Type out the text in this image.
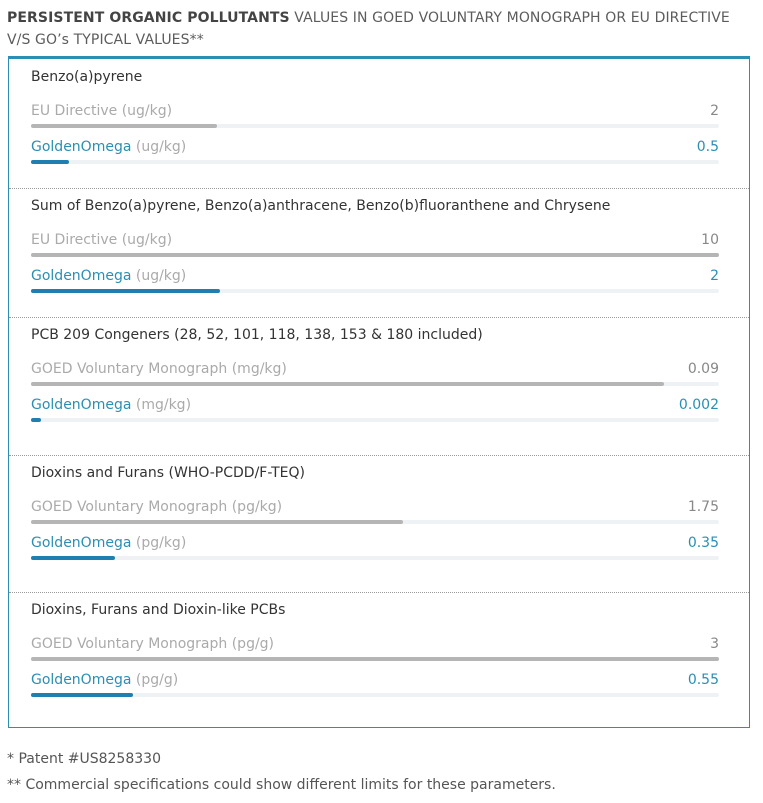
PERSISTENT ORGANIC POLLUTANTS VALUES IN GOED VOLUNTARY MONOGRAPH OR EU DIRECTIVE V/S GO’s TYPICAL VALUES**
Benzo(a)pyrene
EU Directive (ug/kg)	2
GoldenOmega (ug/kg)	0.5
Sum of Benzo(a)pyrene, Benzo(a)anthracene, Benzo(b)fluoranthene and Chrysene
EU Directive (ug/kg)	10
GoldenOmega (ug/kg)	2
PCB 209 Congeners (28, 52, 101, 118, 138, 153 & 180 included)
GOED Voluntary Monograph (mg/kg)	0.09
GoldenOmega (mg/kg)	0.002
Dioxins and Furans (WHO-PCDD/F-TEQ)
GOED Voluntary Monograph (pg/kg)	1.75
GoldenOmega (pg/kg)	0.35
Dioxins, Furans and Dioxin-like PCBs
GOED Voluntary Monograph (pg/g)	3
GoldenOmega (pg/g)	0.55
* Patent #US8258330
** Commercial specifications could show different limits for these parameters.
